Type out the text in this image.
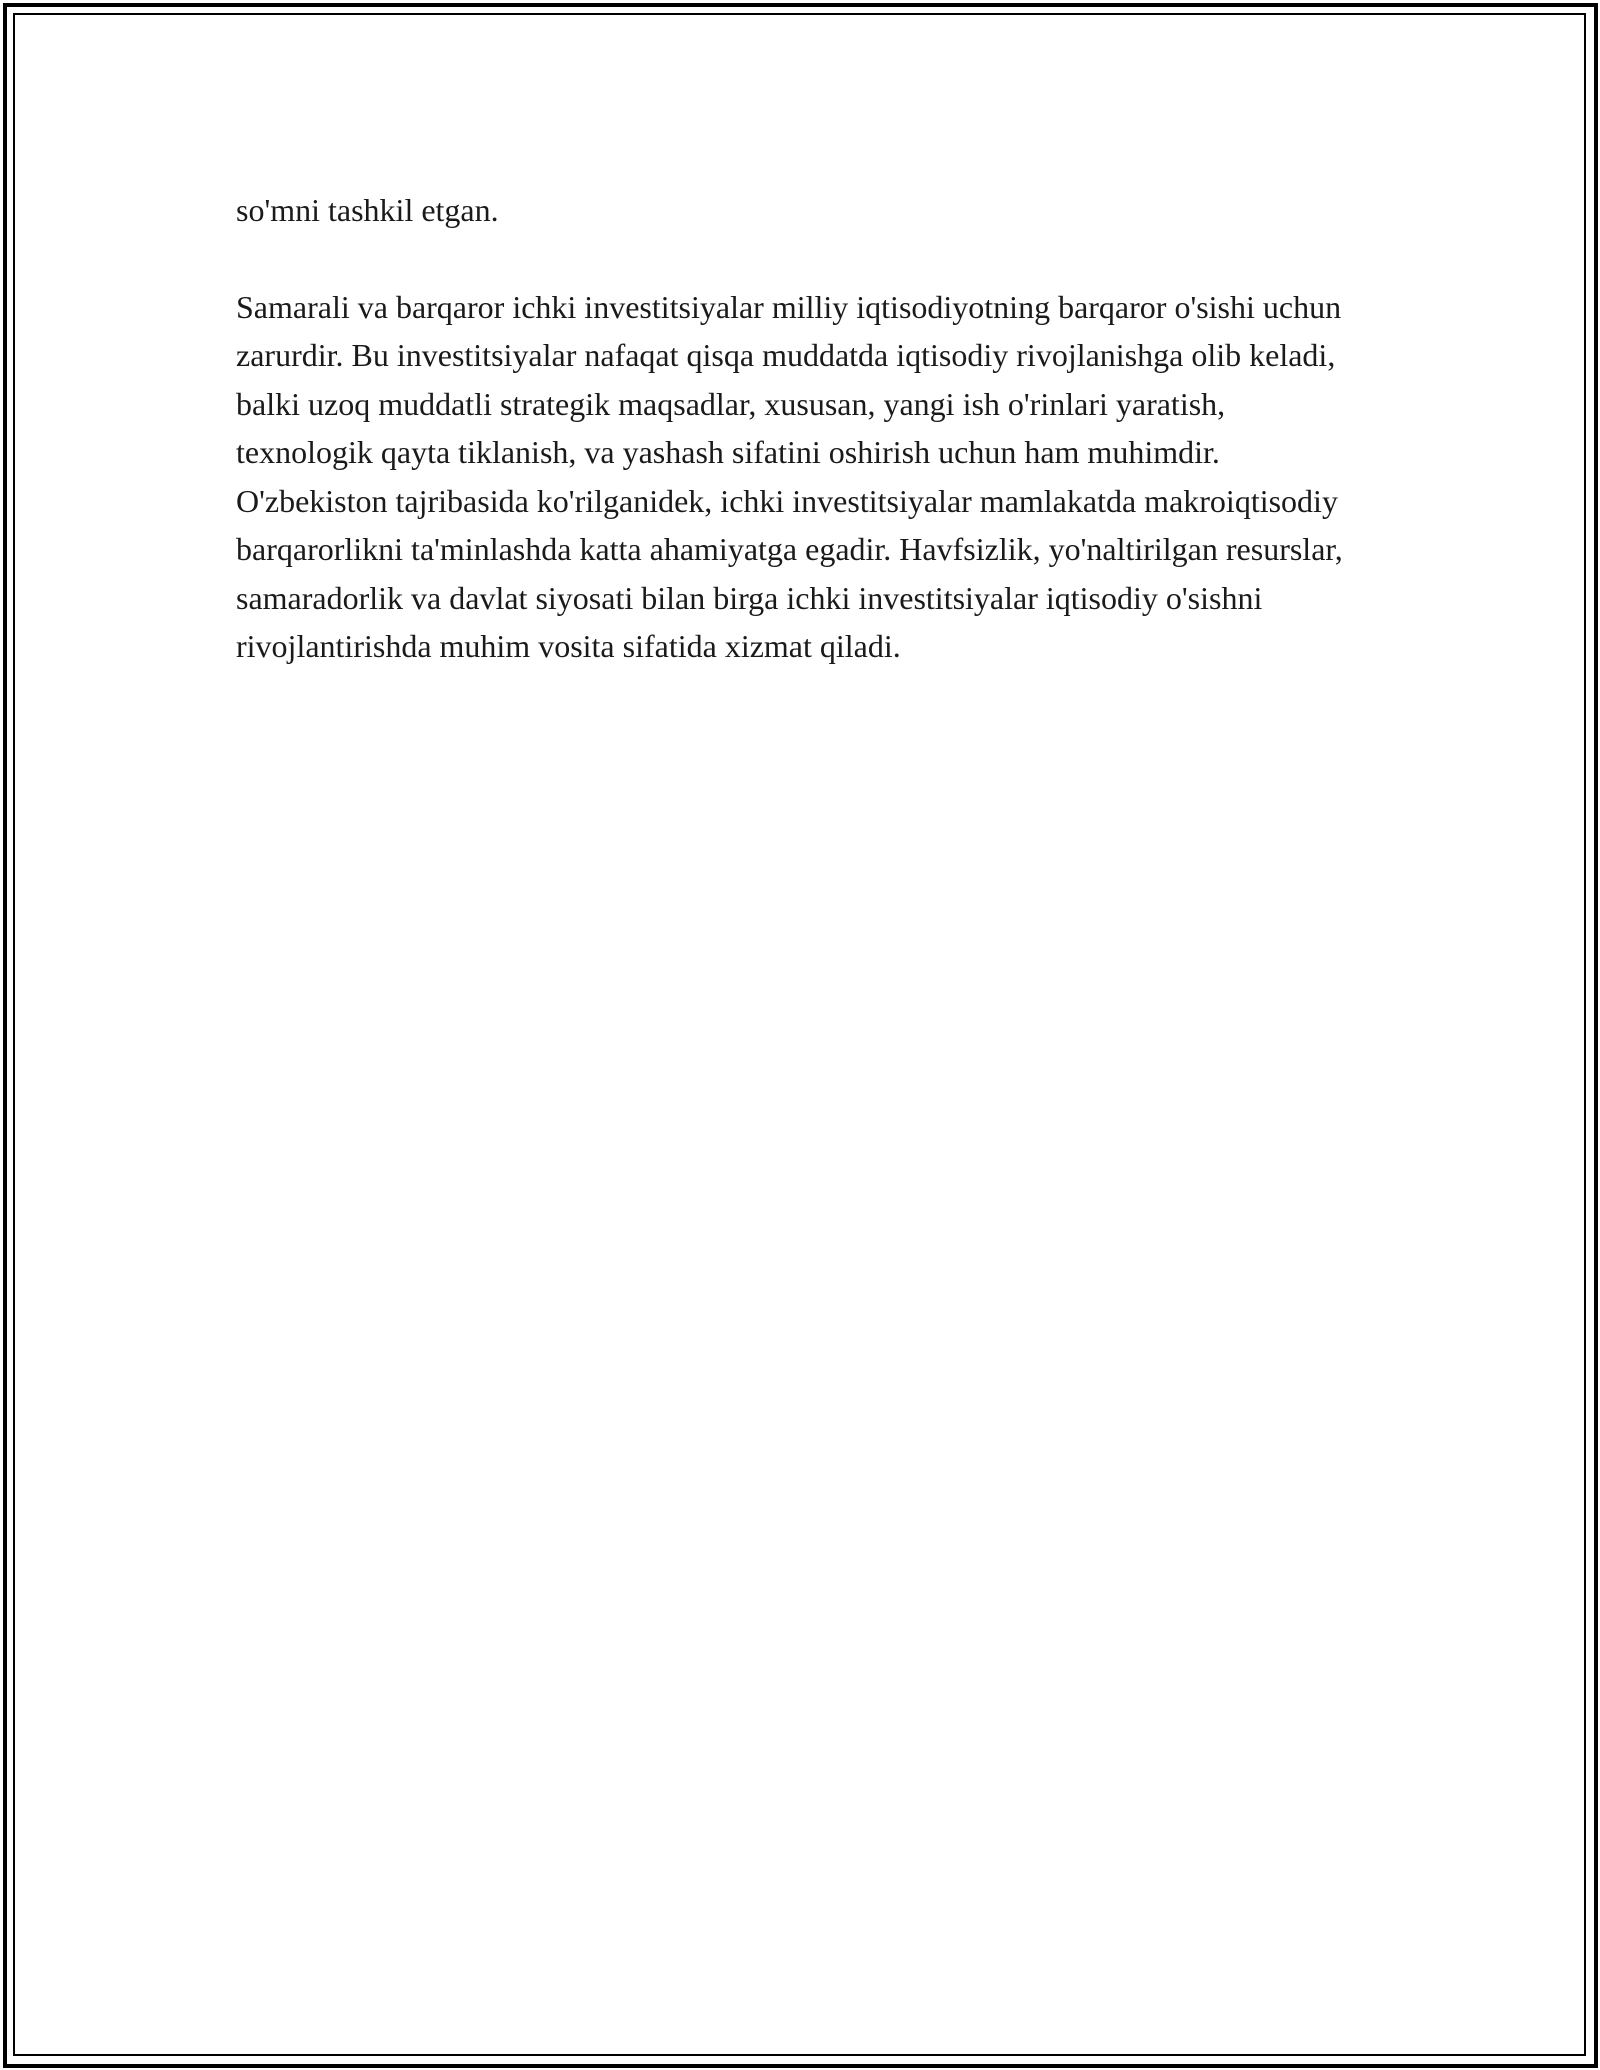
so'mni tashkil etgan.

Samarali va barqaror ichki investitsiyalar milliy iqtisodiyotning barqaror o'sishi uchun zarurdir. Bu investitsiyalar nafaqat qisqa muddatda iqtisodiy rivojlanishga olib keladi, balki uzoq muddatli strategik maqsadlar, xususan, yangi ish o'rinlari yaratish, texnologik qayta tiklanish, va yashash sifatini oshirish uchun ham muhimdir. O'zbekiston tajribasida ko'rilganidek, ichki investitsiyalar mamlakatda makroiqtisodiy barqarorlikni ta'minlashda katta ahamiyatga egadir. Havfsizlik, yo'naltirilgan resurslar, samaradorlik va davlat siyosati bilan birga ichki investitsiyalar iqtisodiy o'sishni rivojlantirishda muhim vosita sifatida xizmat qiladi.
